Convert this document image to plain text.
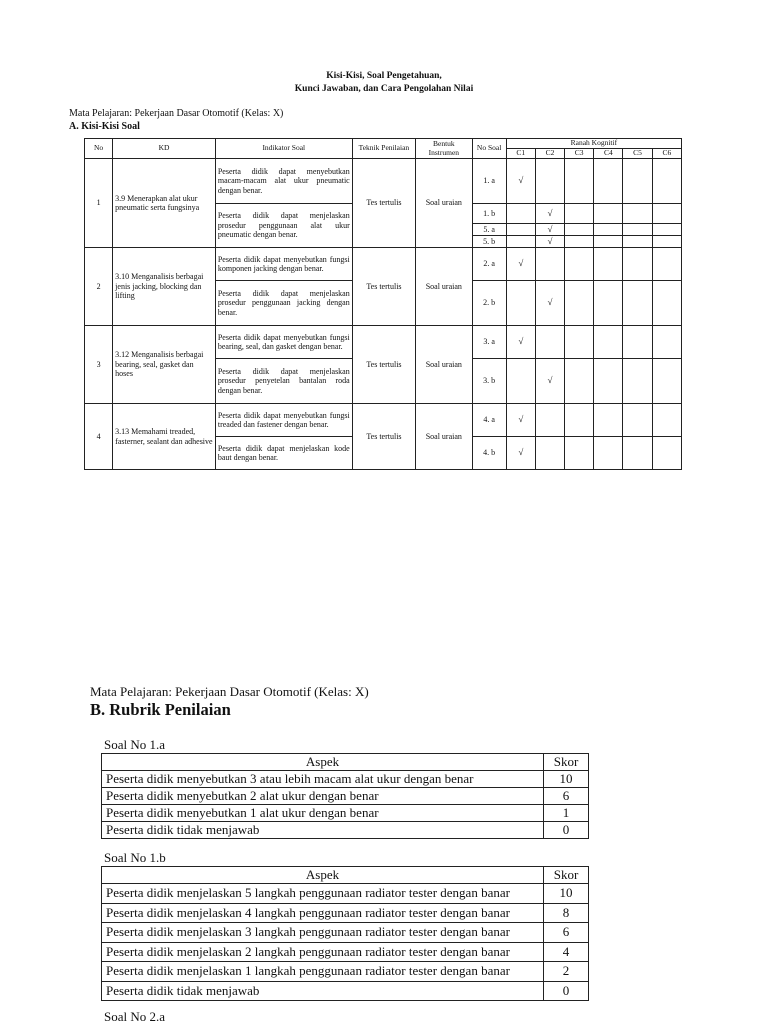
Kisi-Kisi, Soal Pengetahuan,
Kunci Jawaban, dan Cara Pengolahan Nilai
Mata Pelajaran: Pekerjaan Dasar Otomotif (Kelas: X)
A. Kisi-Kisi Soal
No	KD	Indikator Soal	Teknik Penilaian	Bentuk Instrumen	No Soal	Ranah Kognitif					
						C1	C2	C3	C4	C5	C6
1	3.9 Menerapkan alat ukur pneumatic serta fungsinya	Peserta didik dapat menyebutkan macam-macam alat ukur pneumatic dengan benar.	Tes tertulis	Soal uraian	1. a	√					
		Peserta didik dapat menjelaskan prosedur penggunaan alat ukur pneumatic dengan benar.			1. b		√				
					5. a		√				
					5. b		√				
2	3.10 Menganalisis berbagai jenis jacking, blocking dan lifting	Peserta didik dapat menyebutkan fungsi komponen jacking dengan benar.	Tes tertulis	Soal uraian	2. a	√					
		Peserta didik dapat menjelaskan prosedur penggunaan jacking dengan benar.			2. b		√				
3	3.12 Menganalisis berbagai bearing, seal, gasket dan hoses	Peserta didik dapat menyebutkan fungsi bearing, seal, dan gasket dengan benar.	Tes tertulis	Soal uraian	3. a	√					
		Peserta didik dapat menjelaskan prosedur penyetelan bantalan roda dengan benar.			3. b		√				
4	3.13 Memahami treaded, fasterner, sealant dan adhesive	Peserta didik dapat menyebutkan fungsi treaded dan fastener dengan benar.	Tes tertulis	Soal uraian	4. a	√					
		Peserta didik dapat menjelaskan kode baut dengan benar.			4. b	√					
Mata Pelajaran: Pekerjaan Dasar Otomotif (Kelas: X)
B. Rubrik Penilaian
Soal No 1.a
Aspek	Skor
Peserta didik menyebutkan 3 atau lebih macam alat ukur dengan benar	10
Peserta didik menyebutkan 2 alat ukur dengan benar	6
Peserta didik menyebutkan 1 alat ukur dengan benar	1
Peserta didik tidak menjawab	0
Soal No 1.b
Aspek	Skor
Peserta didik menjelaskan 5 langkah penggunaan radiator tester dengan banar	10
Peserta didik menjelaskan 4 langkah penggunaan radiator tester dengan banar	8
Peserta didik menjelaskan 3 langkah penggunaan radiator tester dengan banar	6
Peserta didik menjelaskan 2 langkah penggunaan radiator tester dengan banar	4
Peserta didik menjelaskan 1 langkah penggunaan radiator tester dengan banar	2
Peserta didik tidak menjawab	0
Soal No 2.a
